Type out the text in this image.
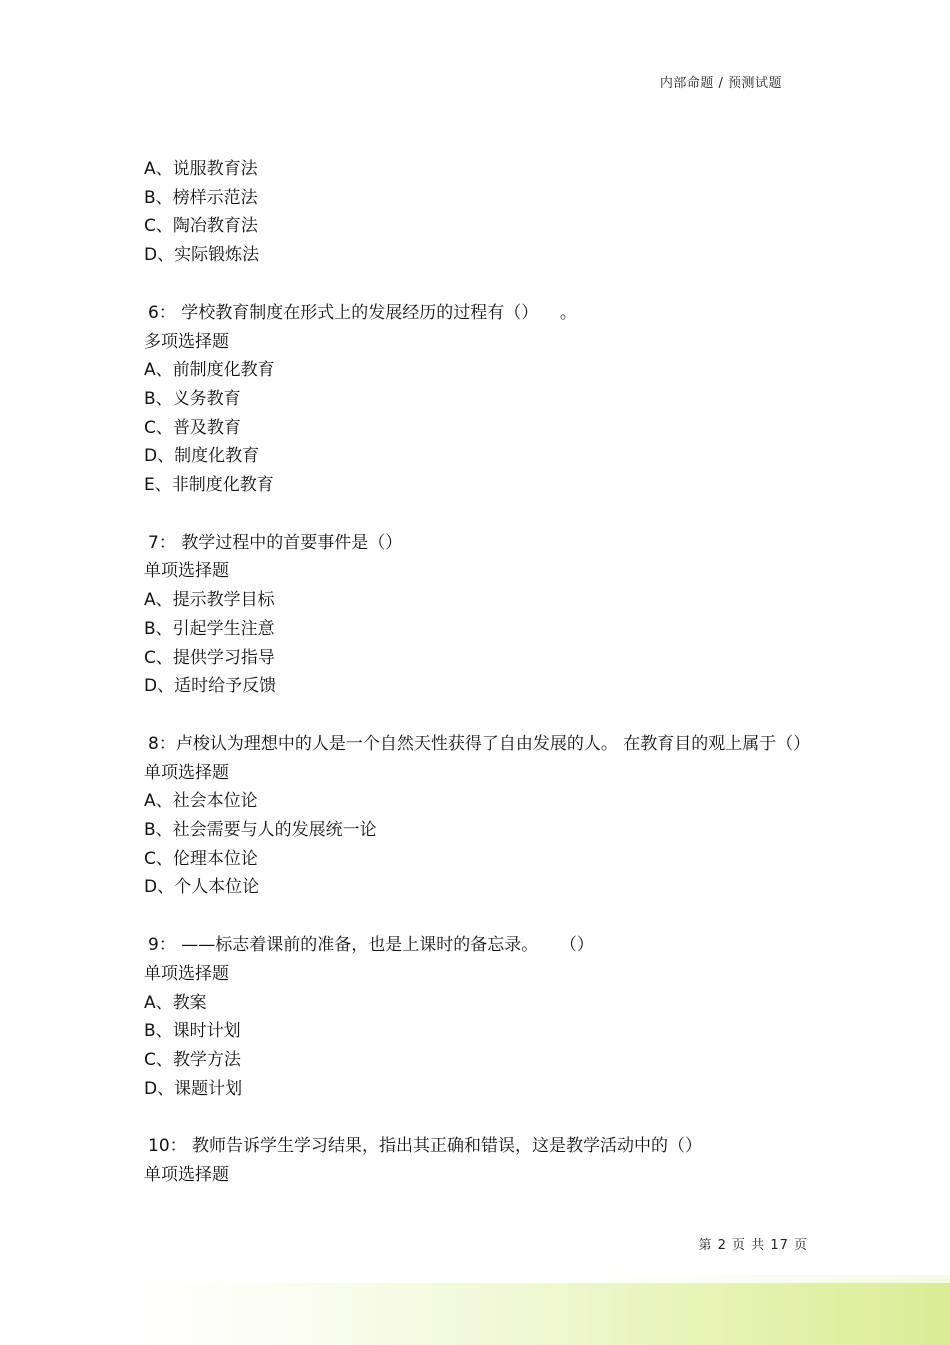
内部命题 / 预测试题
A、说服教育法
B、榜样示范法
C、陶冶教育法
D、实际锻炼法
6： 学校教育制度在形式上的发展经历的过程有（）    。
多项选择题
A、前制度化教育
B、义务教育
C、普及教育
D、制度化教育
E、非制度化教育
7： 教学过程中的首要事件是（）
单项选择题
A、提示教学目标
B、引起学生注意
C、提供学习指导
D、适时给予反馈
8：卢梭认为理想中的人是一个自然天性获得了自由发展的人。 在教育目的观上属于（）
单项选择题
A、社会本位论
B、社会需要与人的发展统一论
C、伦理本位论
D、个人本位论
9： ——标志着课前的准备，也是上课时的备忘录。    （）
单项选择题
A、教案
B、课时计划
C、教学方法
D、课题计划
10： 教师告诉学生学习结果，指出其正确和错误，这是教学活动中的（）
单项选择题
第 2 页 共 17 页
